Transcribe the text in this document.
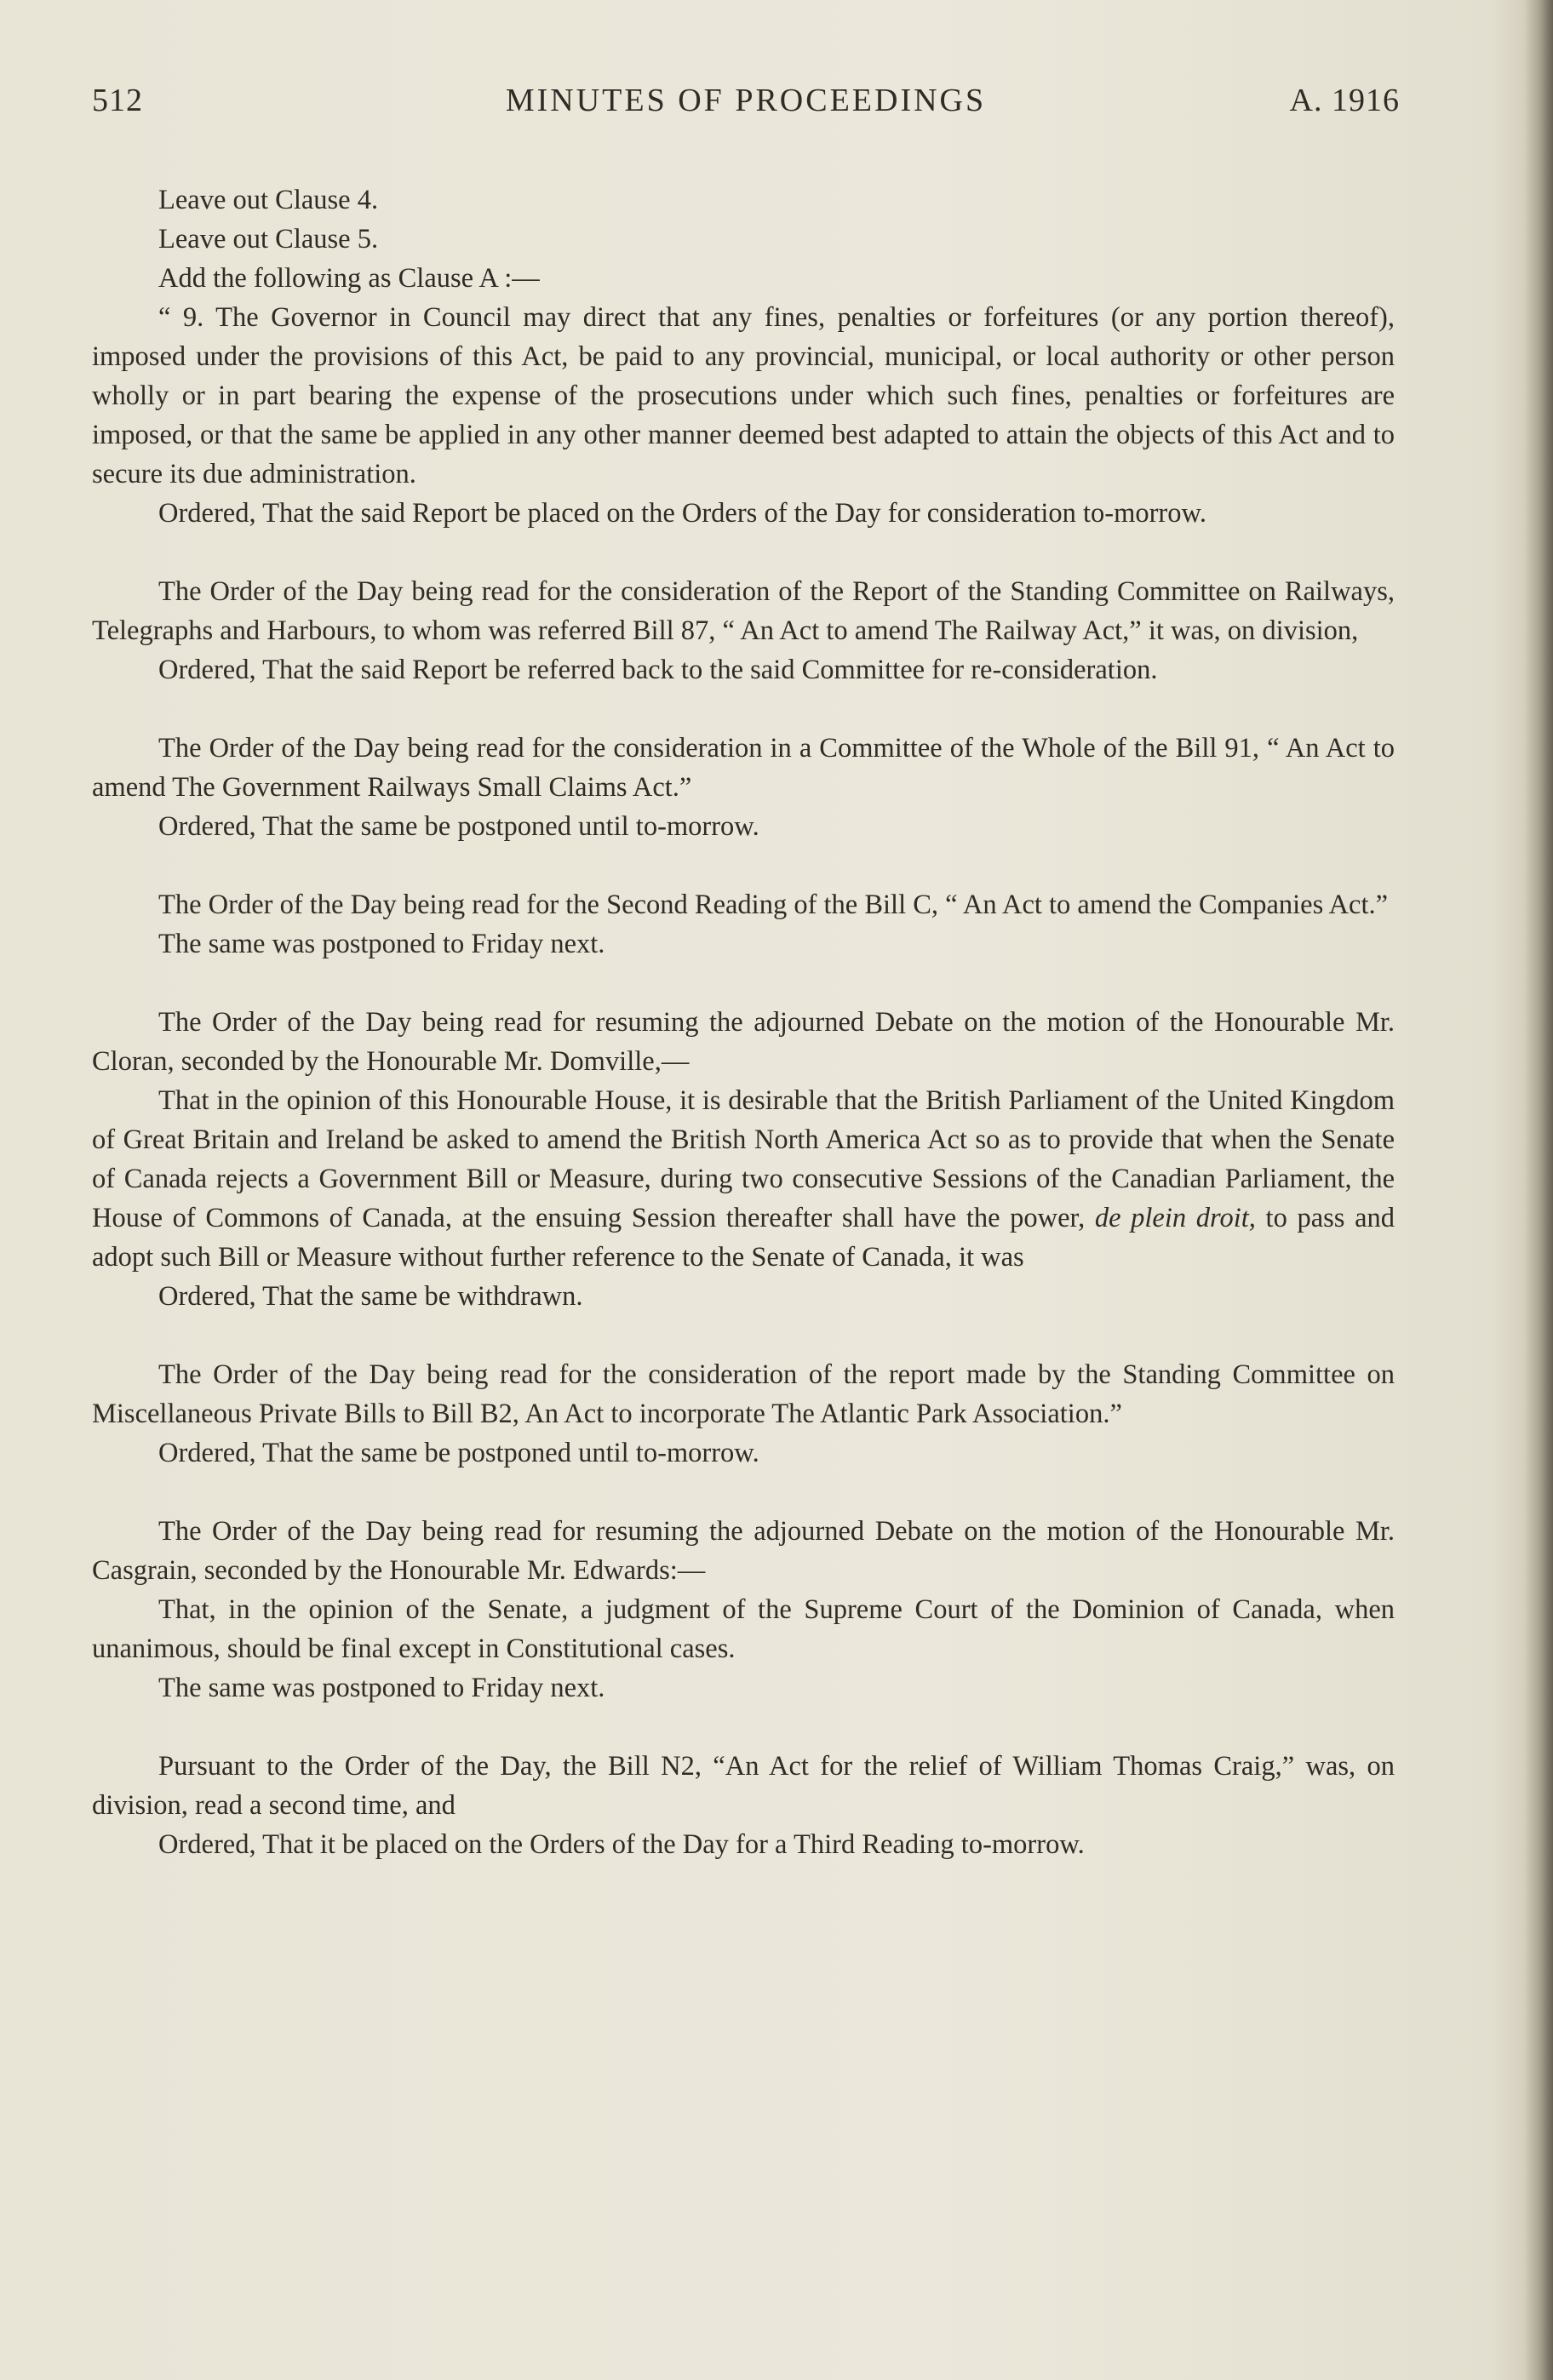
512	MINUTES OF PROCEEDINGS	A. 1916

Leave out Clause 4.

Leave out Clause 5.

Add the following as Clause A :—

“ 9. The Governor in Council may direct that any fines, penalties or forfeitures (or any portion thereof), imposed under the provisions of this Act, be paid to any provincial, municipal, or local authority or other person wholly or in part bearing the expense of the prosecutions under which such fines, penalties or forfeitures are imposed, or that the same be applied in any other manner deemed best adapted to attain the objects of this Act and to secure its due administration.

Ordered, That the said Report be placed on the Orders of the Day for consideration to-morrow.

The Order of the Day being read for the consideration of the Report of the Standing Committee on Railways, Telegraphs and Harbours, to whom was referred Bill 87, “ An Act to amend The Railway Act,” it was, on division,

Ordered, That the said Report be referred back to the said Committee for re-consideration.

The Order of the Day being read for the consideration in a Committee of the Whole of the Bill 91, “ An Act to amend The Government Railways Small Claims Act.”

Ordered, That the same be postponed until to-morrow.

The Order of the Day being read for the Second Reading of the Bill C, “ An Act to amend the Companies Act.”

The same was postponed to Friday next.

The Order of the Day being read for resuming the adjourned Debate on the motion of the Honourable Mr. Cloran, seconded by the Honourable Mr. Domville,—

That in the opinion of this Honourable House, it is desirable that the British Parliament of the United Kingdom of Great Britain and Ireland be asked to amend the British North America Act so as to provide that when the Senate of Canada rejects a Government Bill or Measure, during two consecutive Sessions of the Canadian Parliament, the House of Commons of Canada, at the ensuing Session thereafter shall have the power, de plein droit, to pass and adopt such Bill or Measure without further reference to the Senate of Canada, it was

Ordered, That the same be withdrawn.

The Order of the Day being read for the consideration of the report made by the Standing Committee on Miscellaneous Private Bills to Bill B2, An Act to incorporate The Atlantic Park Association.”

Ordered, That the same be postponed until to-morrow.

The Order of the Day being read for resuming the adjourned Debate on the motion of the Honourable Mr. Casgrain, seconded by the Honourable Mr. Edwards:—

That, in the opinion of the Senate, a judgment of the Supreme Court of the Dominion of Canada, when unanimous, should be final except in Constitutional cases.

The same was postponed to Friday next.

Pursuant to the Order of the Day, the Bill N2, “An Act for the relief of William Thomas Craig,” was, on division, read a second time, and

Ordered, That it be placed on the Orders of the Day for a Third Reading to-morrow.
